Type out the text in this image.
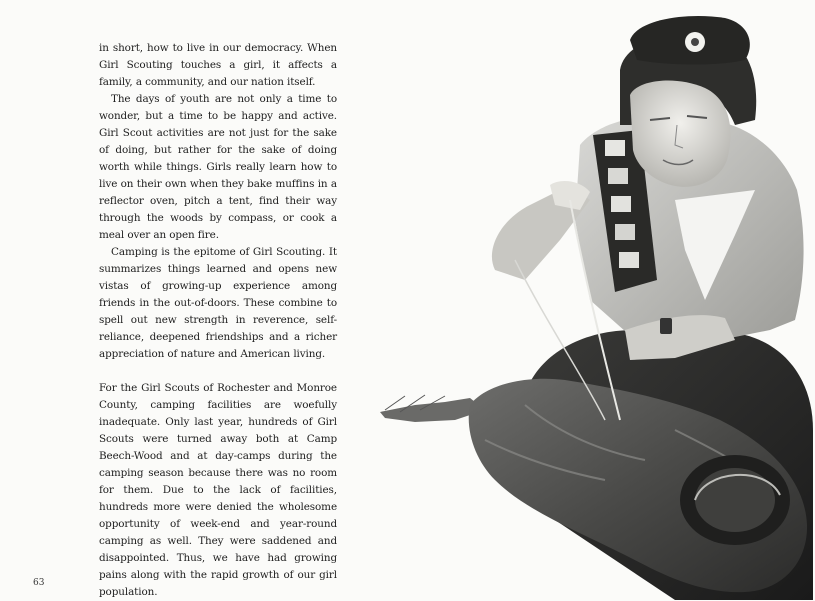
in short, how to live in our democracy. When Girl Scouting touches a girl, it affects a family, a community, and our nation itself.

The days of youth are not only a time to wonder, but a time to be happy and active. Girl Scout activities are not just for the sake of doing, but rather for the sake of doing worth while things. Girls really learn how to live on their own when they bake muffins in a reflector oven, pitch a tent, find their way through the woods by compass, or cook a meal over an open fire.

Camping is the epitome of Girl Scouting. It summarizes things learned and opens new vistas of growing-up experience among friends in the out-of-doors. These combine to spell out new strength in reverence, self-reliance, deepened friendships and a richer appreciation of nature and American living.

For the Girl Scouts of Rochester and Monroe County, camping facilities are woefully inadequate. Only last year, hundreds of Girl Scouts were turned away both at Camp Beech-Wood and at day-camps during the camping season because there was no room for them. Due to the lack of facilities, hundreds more were denied the wholesome opportunity of week-end and year-round camping as well. They were saddened and disappointed. Thus, we have had growing pains along with the rapid growth of our girl population.

63
